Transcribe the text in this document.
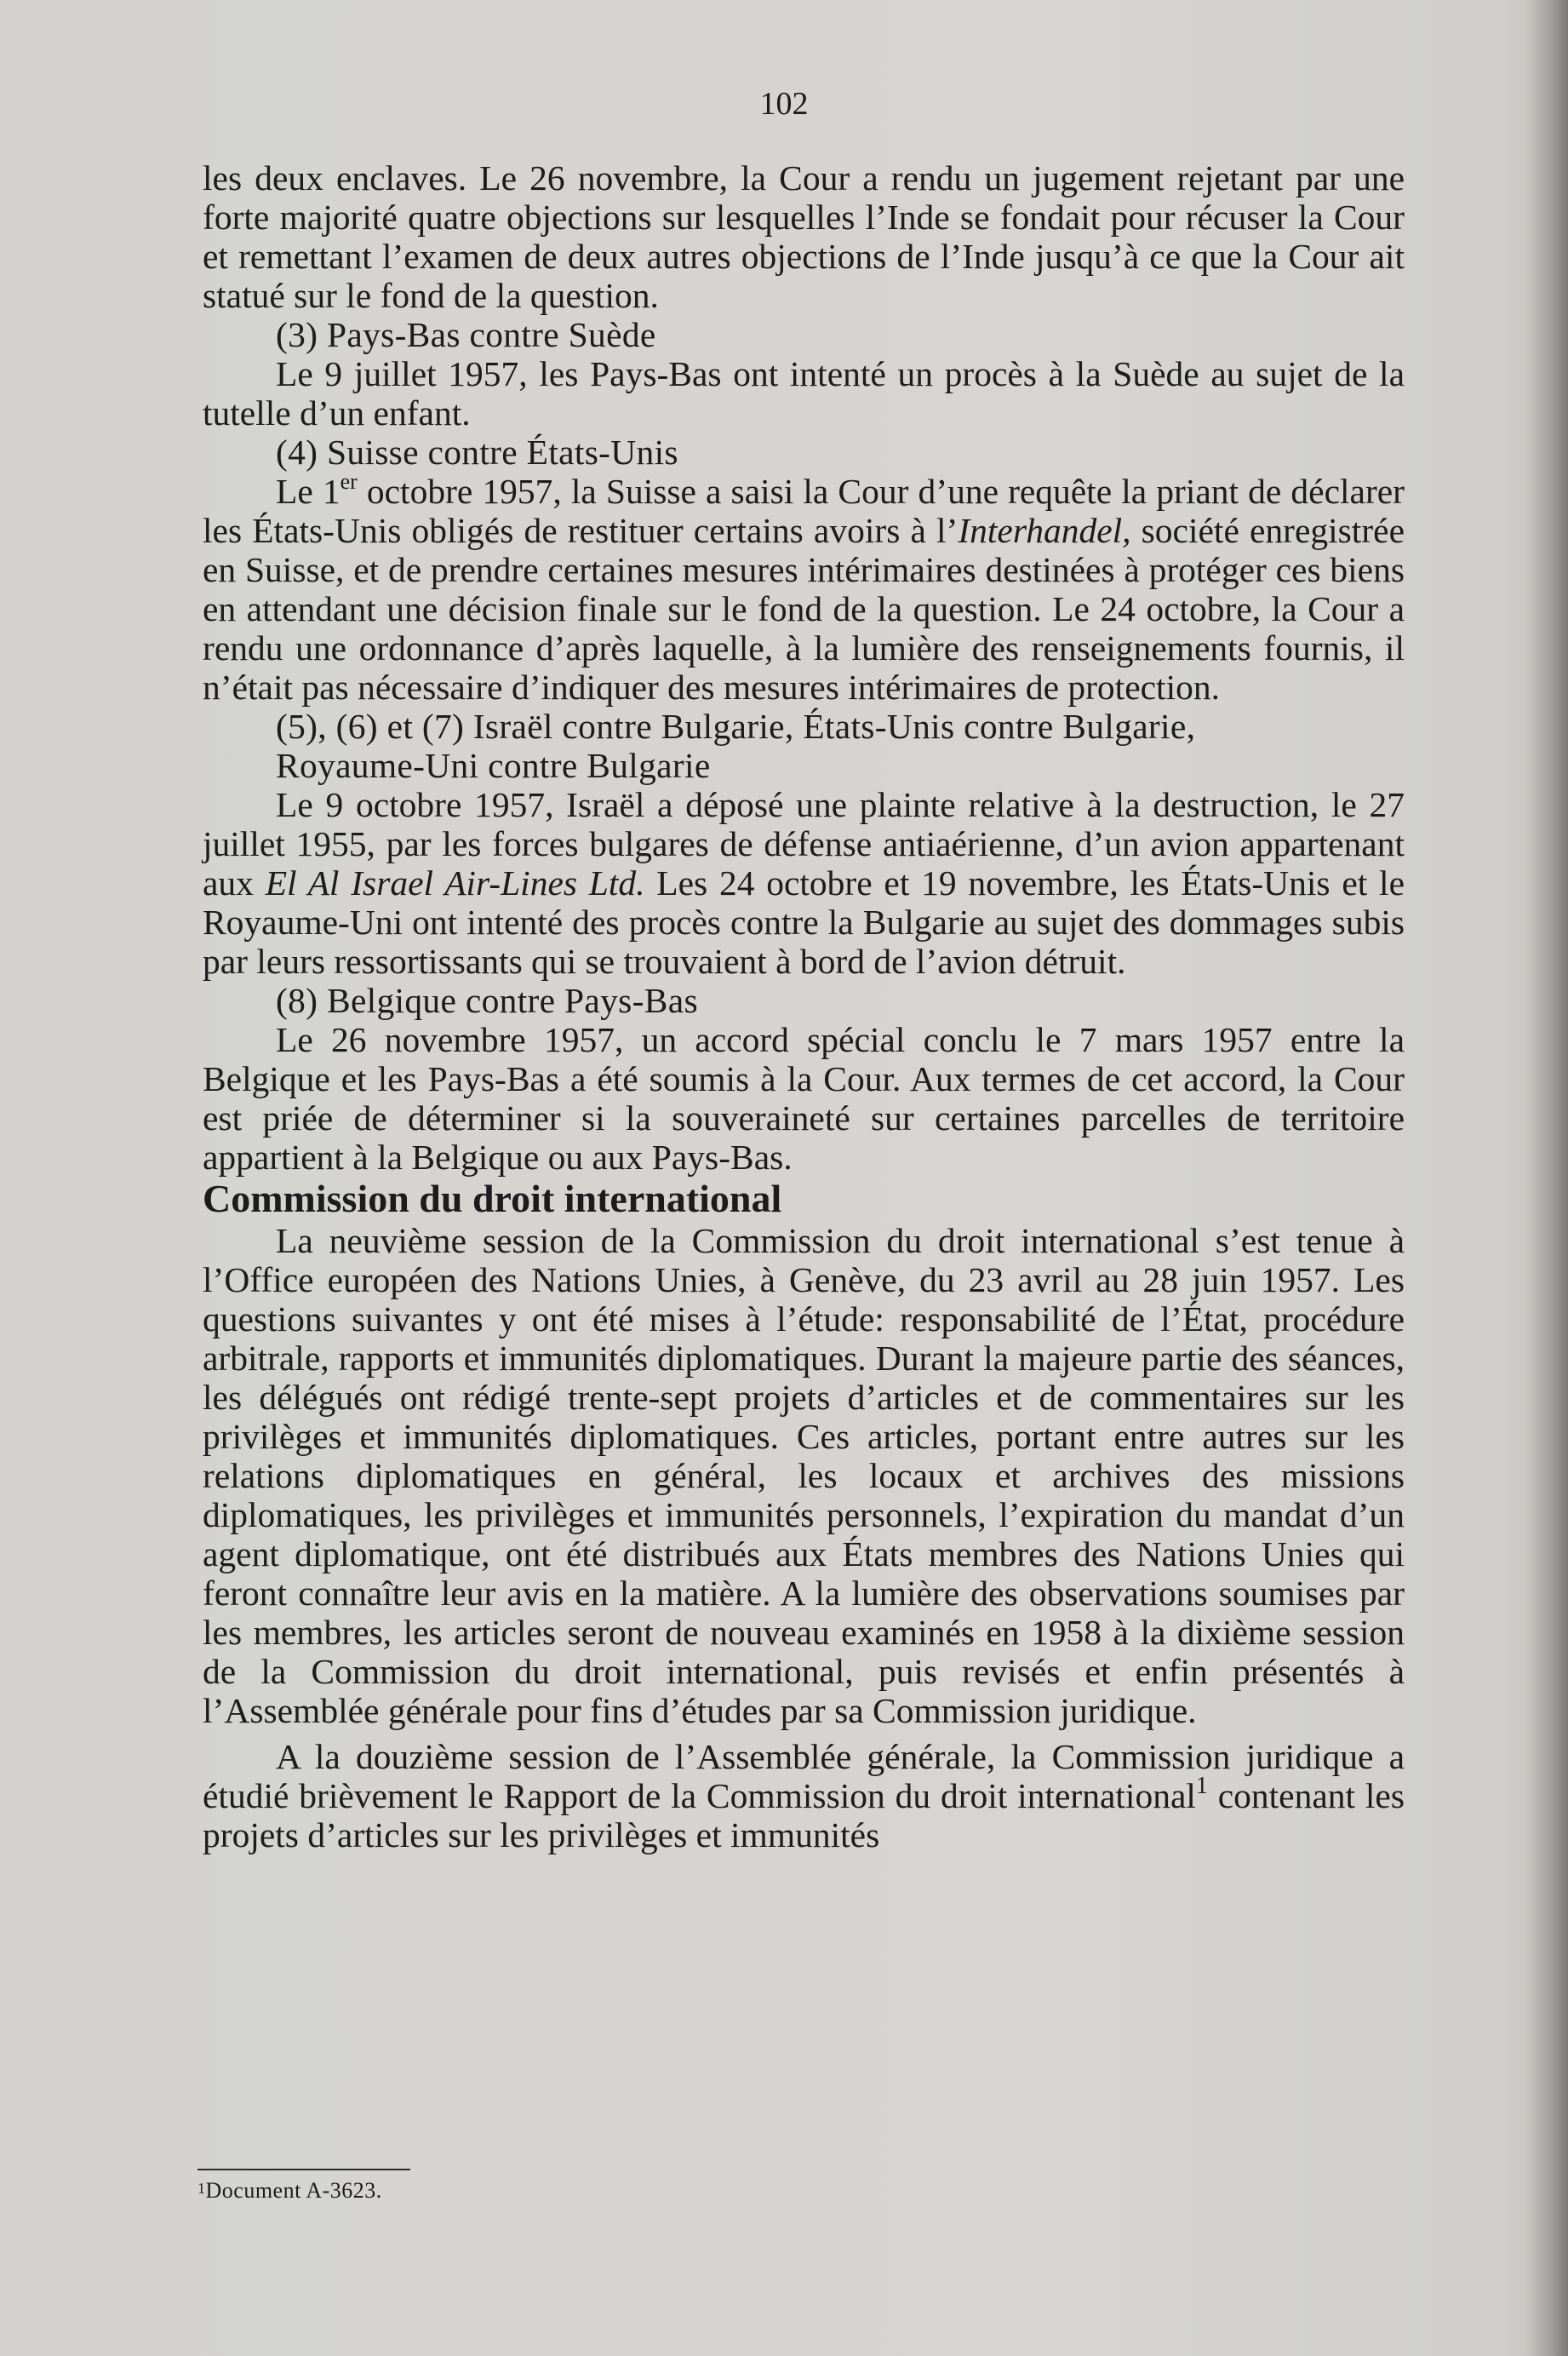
102

les deux enclaves. Le 26 novembre, la Cour a rendu un jugement rejetant par une forte majorité quatre objections sur lesquelles l’Inde se fondait pour récuser la Cour et remettant l’examen de deux autres objections de l’Inde jusqu’à ce que la Cour ait statué sur le fond de la question.

(3) Pays-Bas contre Suède

Le 9 juillet 1957, les Pays-Bas ont intenté un procès à la Suède au sujet de la tutelle d’un enfant.

(4) Suisse contre États-Unis

Le 1er octobre 1957, la Suisse a saisi la Cour d’une requête la priant de déclarer les États-Unis obligés de restituer certains avoirs à l’Interhandel, société enregistrée en Suisse, et de prendre certaines mesures intérimaires destinées à protéger ces biens en attendant une décision finale sur le fond de la question. Le 24 octobre, la Cour a rendu une ordonnance d’après laquelle, à la lumière des renseignements fournis, il n’était pas nécessaire d’indiquer des mesures intérimaires de protection.

(5), (6) et (7) Israël contre Bulgarie, États-Unis contre Bulgarie,
Royaume-Uni contre Bulgarie

Le 9 octobre 1957, Israël a déposé une plainte relative à la destruction, le 27 juillet 1955, par les forces bulgares de défense antiaérienne, d’un avion appartenant aux El Al Israel Air-Lines Ltd. Les 24 octobre et 19 novembre, les États-Unis et le Royaume-Uni ont intenté des procès contre la Bulgarie au sujet des dommages subis par leurs ressortissants qui se trouvaient à bord de l’avion détruit.

(8) Belgique contre Pays-Bas

Le 26 novembre 1957, un accord spécial conclu le 7 mars 1957 entre la Belgique et les Pays-Bas a été soumis à la Cour. Aux termes de cet accord, la Cour est priée de déterminer si la souveraineté sur certaines parcelles de territoire appartient à la Belgique ou aux Pays-Bas.

Commission du droit international

La neuvième session de la Commission du droit international s’est tenue à l’Office européen des Nations Unies, à Genève, du 23 avril au 28 juin 1957. Les questions suivantes y ont été mises à l’étude: responsabilité de l’État, procédure arbitrale, rapports et immunités diplomatiques. Durant la majeure partie des séances, les délégués ont rédigé trente-sept projets d’articles et de commentaires sur les privilèges et immunités diplomatiques. Ces articles, portant entre autres sur les relations diplomatiques en général, les locaux et archives des missions diplomatiques, les privilèges et immunités personnels, l’expiration du mandat d’un agent diplomatique, ont été distribués aux États membres des Nations Unies qui feront connaître leur avis en la matière. A la lumière des observations soumises par les membres, les articles seront de nouveau examinés en 1958 à la dixième session de la Commission du droit international, puis revisés et enfin présentés à l’Assemblée générale pour fins d’études par sa Commission juridique.

A la douzième session de l’Assemblée générale, la Commission juridique a étudié brièvement le Rapport de la Commission du droit international$^1$ contenant les projets d’articles sur les privilèges et immunités

$^1$Document A-3623.
